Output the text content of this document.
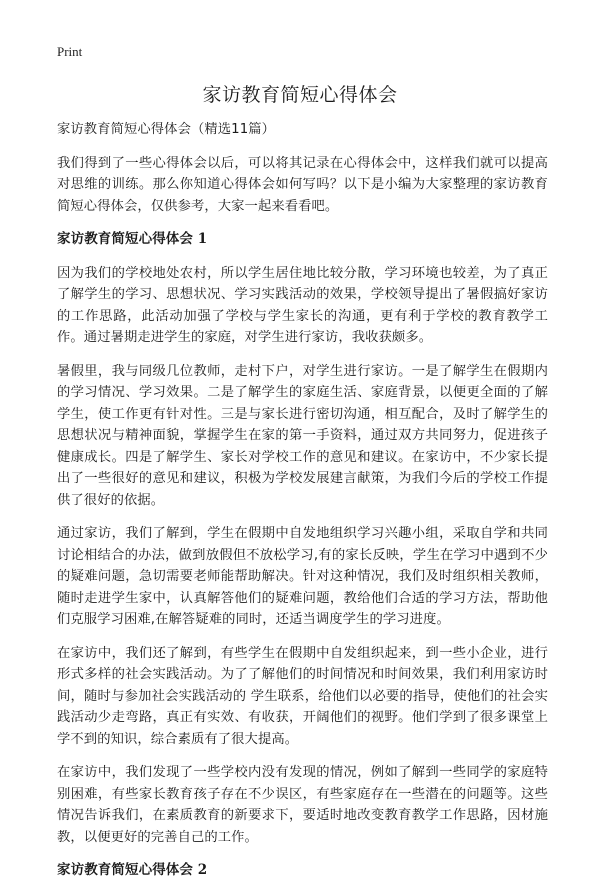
Print
家访教育简短心得体会

家访教育简短心得体会（精选11篇）

我们得到了一些心得体会以后，可以将其记录在心得体会中，这样我们就可以提高对思维的训练。那么你知道心得体会如何写吗？以下是小编为大家整理的家访教育简短心得体会，仅供参考，大家一起来看看吧。

家访教育简短心得体会 1

因为我们的学校地处农村，所以学生居住地比较分散，学习环境也较差，为了真正了解学生的学习、思想状况、学习实践活动的效果，学校领导提出了暑假搞好家访的工作思路，此活动加强了学校与学生家长的沟通，更有利于学校的教育教学工作。通过暑期走进学生的家庭，对学生进行家访，我收获颇多。

暑假里，我与同级几位教师，走村下户，对学生进行家访。一是了解学生在假期内的学习情况、学习效果。二是了解学生的家庭生活、家庭背景，以便更全面的了解学生，使工作更有针对性。三是与家长进行密切沟通，相互配合，及时了解学生的思想状况与精神面貌，掌握学生在家的第一手资料，通过双方共同努力，促进孩子健康成长。四是了解学生、家长对学校工作的意见和建议。在家访中，不少家长提出了一些很好的意见和建议，积极为学校发展建言献策，为我们今后的学校工作提供了很好的依据。

通过家访，我们了解到，学生在假期中自发地组织学习兴趣小组，采取自学和共同讨论相结合的办法，做到放假但不放松学习,有的家长反映，学生在学习中遇到不少的疑难问题，急切需要老师能帮助解决。针对这种情况，我们及时组织相关教师，随时走进学生家中，认真解答他们的疑难问题，教给他们合适的学习方法，帮助他们克服学习困难,在解答疑难的同时，还适当调度学生的学习进度。

在家访中，我们还了解到，有些学生在假期中自发组织起来，到一些小企业，进行形式多样的社会实践活动。为了了解他们的时间情况和时间效果，我们利用家访时间，随时与参加社会实践活动的 学生联系，给他们以必要的指导，使他们的社会实践活动少走弯路，真正有实效、有收获，开阔他们的视野。他们学到了很多课堂上学不到的知识，综合素质有了很大提高。

在家访中，我们发现了一些学校内没有发现的情况，例如了解到一些同学的家庭特别困难，有些家长教育孩子存在不少误区，有些家庭存在一些潜在的问题等。这些情况告诉我们，在素质教育的新要求下，要适时地改变教育教学工作思路，因材施教，以便更好的完善自己的工作。

家访教育简短心得体会 2
